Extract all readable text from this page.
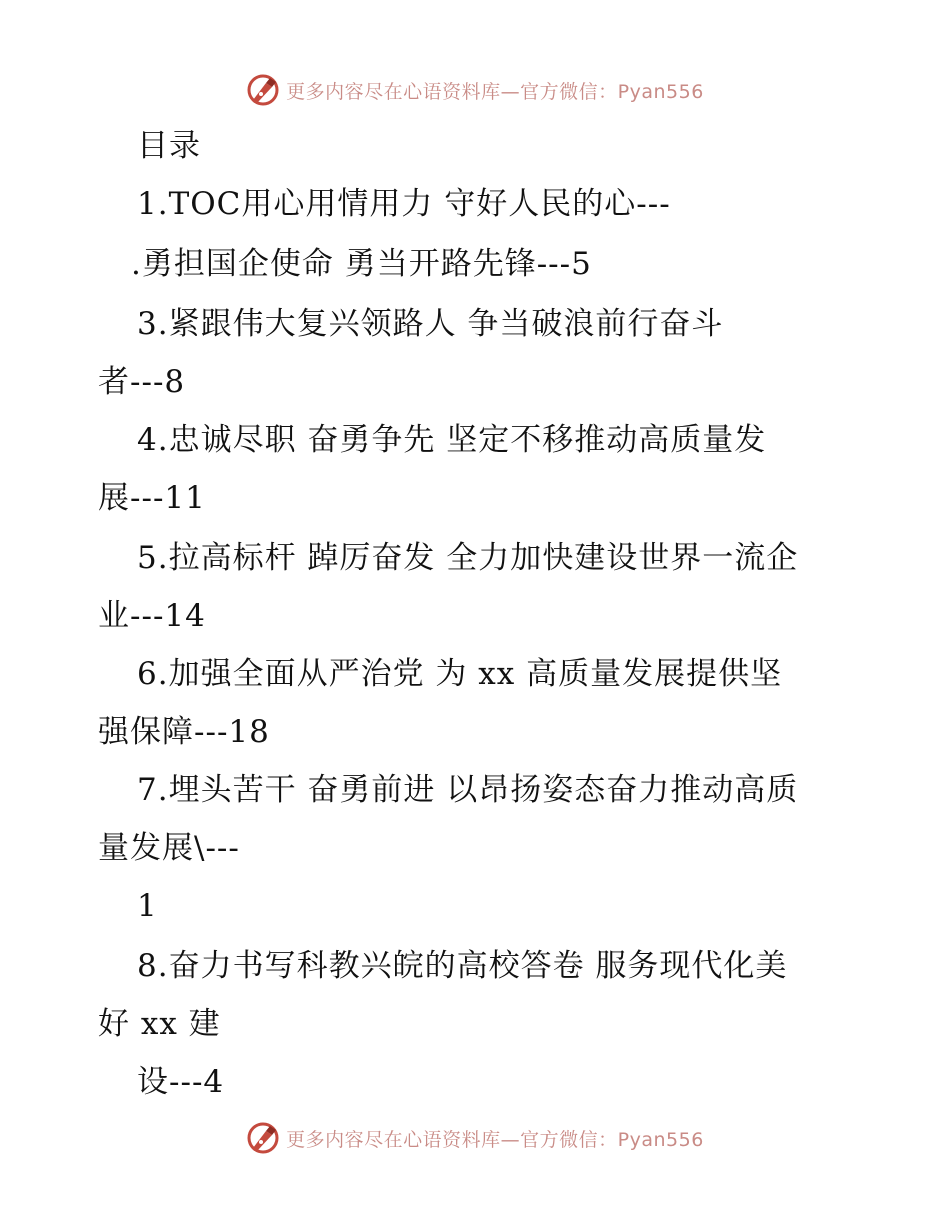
更多内容尽在心语资料库—官方微信：Pyan556
目录
1.TOC用心用情用力 守好人民的心---
.勇担国企使命 勇当开路先锋---5
3.紧跟伟大复兴领路人 争当破浪前行奋斗
者---8
4.忠诚尽职 奋勇争先 坚定不移推动高质量发
展---11
5.拉高标杆 踔厉奋发 全力加快建设世界一流企
业---14
6.加强全面从严治党 为 xx 高质量发展提供坚
强保障---18
7.埋头苦干 奋勇前进 以昂扬姿态奋力推动高质
量发展\---
1
8.奋力书写科教兴皖的高校答卷 服务现代化美
好 xx 建
设---4
更多内容尽在心语资料库—官方微信：Pyan556
